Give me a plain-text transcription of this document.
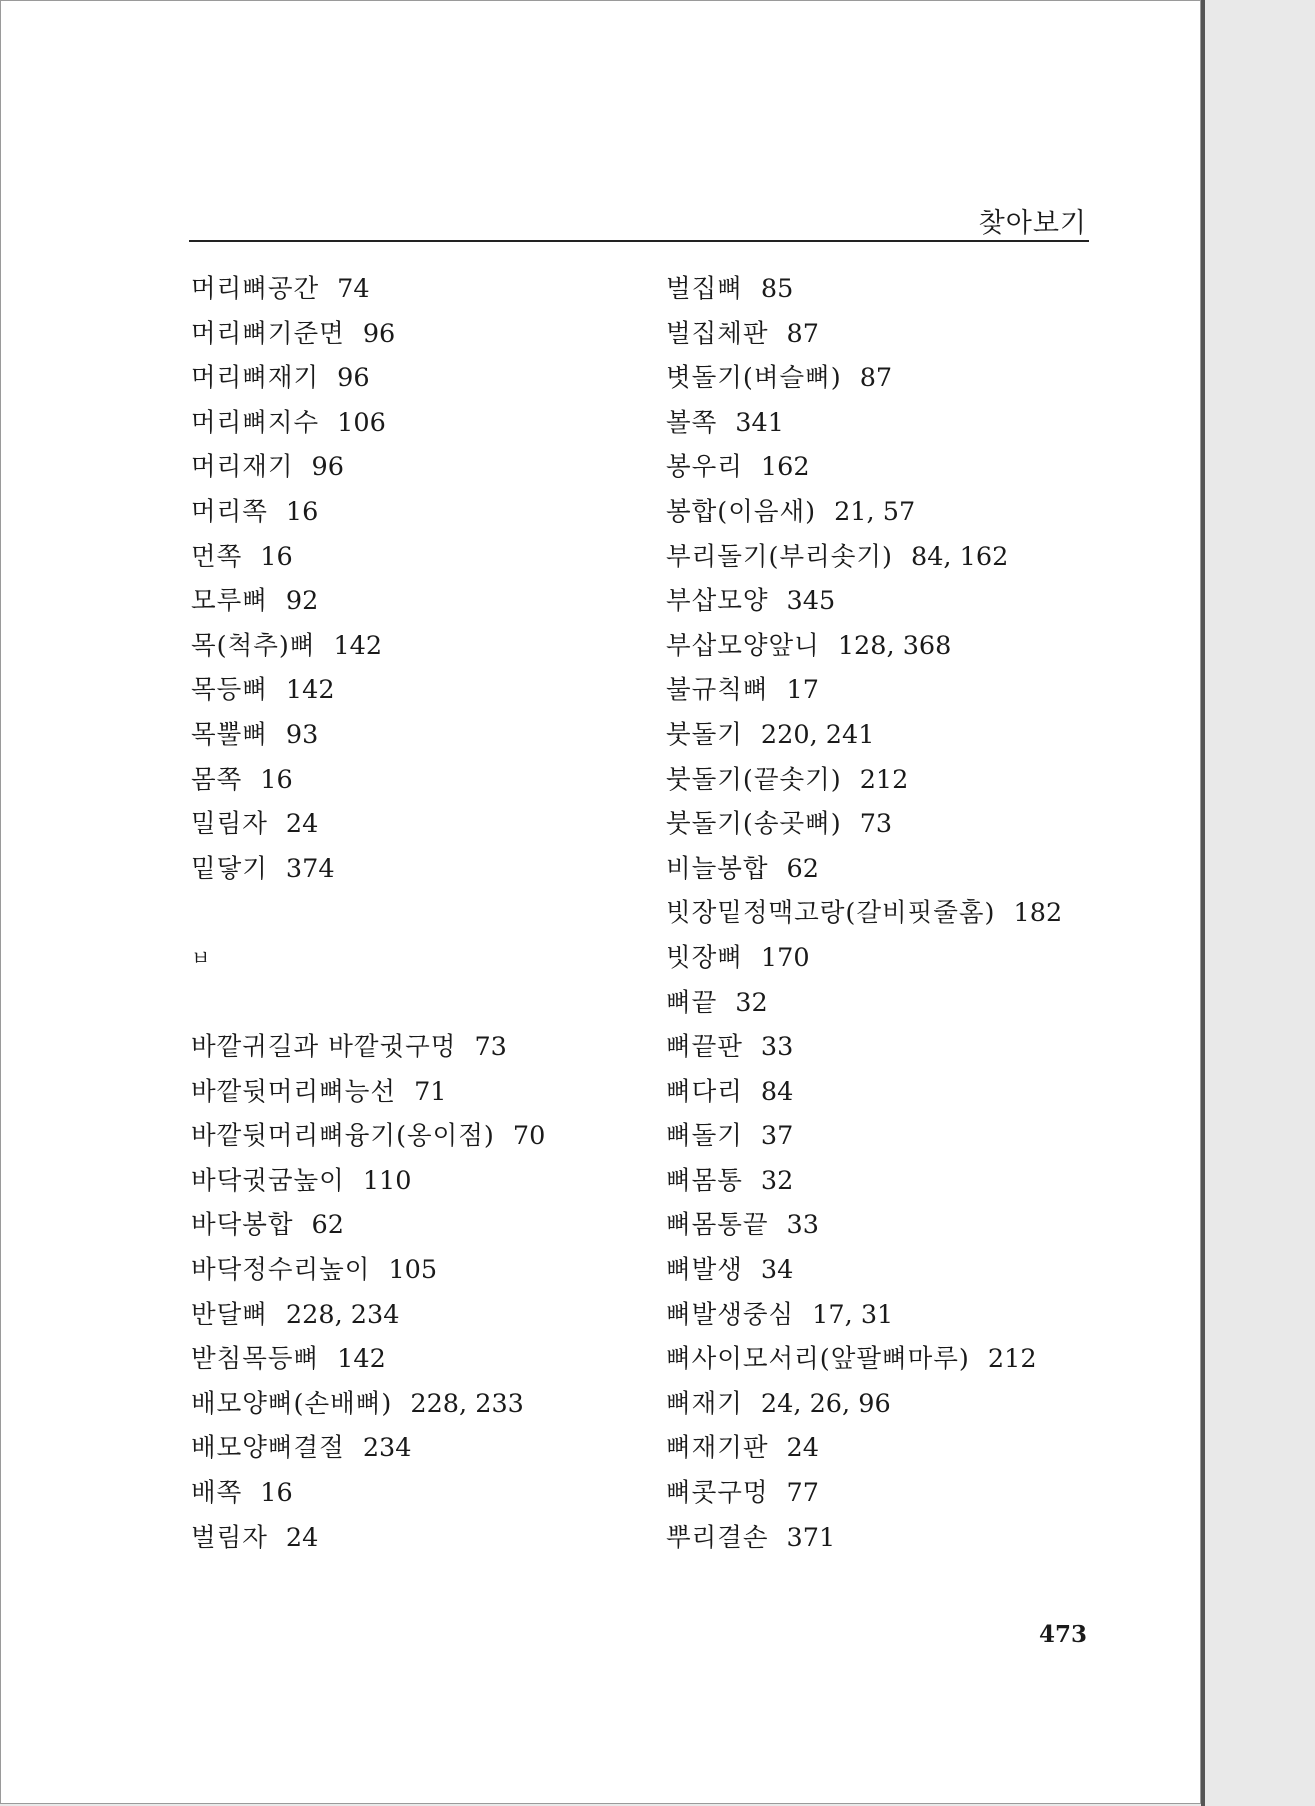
찾아보기
머리뼈공간 74
머리뼈기준면 96
머리뼈재기 96
머리뼈지수 106
머리재기 96
머리쪽 16
먼쪽 16
모루뼈 92
목(척추)뼈 142
목등뼈 142
목뿔뼈 93
몸쪽 16
밀림자 24
밑닿기 374
ㅂ
바깥귀길과 바깥귓구멍 73
바깥뒷머리뼈능선 71
바깥뒷머리뼈융기(옹이점) 70
바닥귓굼높이 110
바닥봉합 62
바닥정수리높이 105
반달뼈 228, 234
받침목등뼈 142
배모양뼈(손배뼈) 228, 233
배모양뼈결절 234
배쪽 16
벌림자 24
벌집뼈 85
벌집체판 87
볏돌기(벼슬뼈) 87
볼쪽 341
봉우리 162
봉합(이음새) 21, 57
부리돌기(부리솟기) 84, 162
부삽모양 345
부삽모양앞니 128, 368
불규칙뼈 17
붓돌기 220, 241
붓돌기(끝솟기) 212
붓돌기(송곳뼈) 73
비늘봉합 62
빗장밑정맥고랑(갈비핏줄홈) 182
빗장뼈 170
뼈끝 32
뼈끝판 33
뼈다리 84
뼈돌기 37
뼈몸통 32
뼈몸통끝 33
뼈발생 34
뼈발생중심 17, 31
뼈사이모서리(앞팔뼈마루) 212
뼈재기 24, 26, 96
뼈재기판 24
뼈콧구멍 77
뿌리결손 371
473
